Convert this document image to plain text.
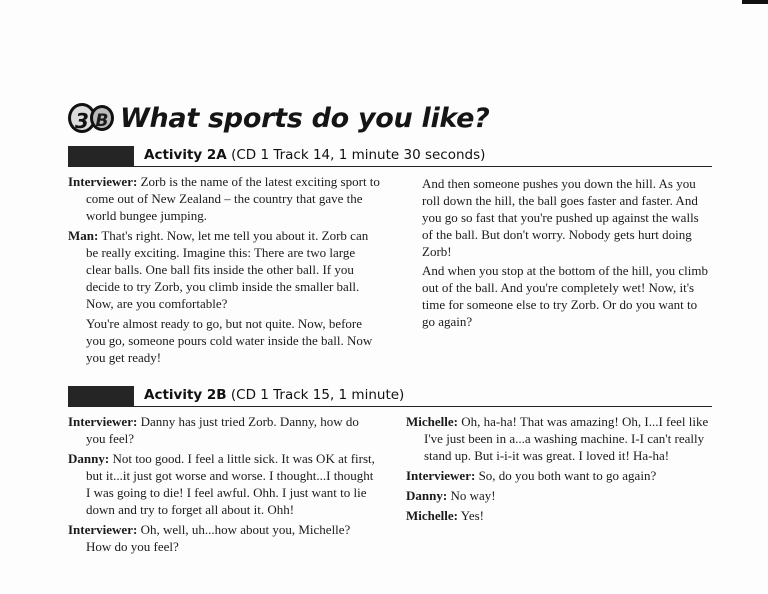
3 B What sports do you like?
Activity 2A (CD 1 Track 14, 1 minute 30 seconds)

Interviewer: Zorb is the name of the latest exciting sport to come out of New Zealand – the country that gave the world bungee jumping.

Man: That's right. Now, let me tell you about it. Zorb can be really exciting. Imagine this: There are two large clear balls. One ball fits inside the other ball. If you decide to try Zorb, you climb inside the smaller ball. Now, are you comfortable?

You're almost ready to go, but not quite. Now, before you go, someone pours cold water inside the ball. Now you get ready!

And then someone pushes you down the hill. As you roll down the hill, the ball goes faster and faster. And you go so fast that you're pushed up against the walls of the ball. But don't worry. Nobody gets hurt doing Zorb!

And when you stop at the bottom of the hill, you climb out of the ball. And you're completely wet! Now, it's time for someone else to try Zorb. Or do you want to go again?

Activity 2B (CD 1 Track 15, 1 minute)

Interviewer: Danny has just tried Zorb. Danny, how do you feel?

Danny: Not too good. I feel a little sick. It was OK at first, but it...it just got worse and worse. I thought...I thought I was going to die! I feel awful. Ohh. I just want to lie down and try to forget all about it. Ohh!

Interviewer: Oh, well, uh...how about you, Michelle? How do you feel?

Michelle: Oh, ha-ha! That was amazing! Oh, I...I feel like I've just been in a...a washing machine. I-I can't really stand up. But i-i-it was great. I loved it! Ha-ha!

Interviewer: So, do you both want to go again?

Danny: No way!

Michelle: Yes!
